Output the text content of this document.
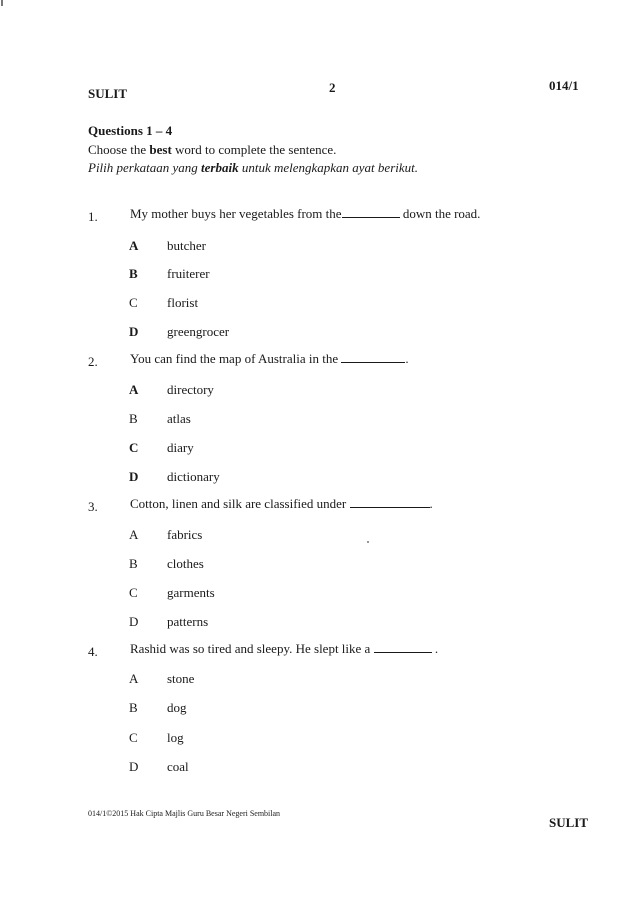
SULIT	2	014/1
Questions 1 – 4
Choose the best word to complete the sentence.
Pilih perkataan yang terbaik untuk melengkapkan ayat berikut.
1. My mother buys her vegetables from the	down the road.
A	butcher
B	fruiterer
C	florist
D	greengrocer
2. You can find the map of Australia in the	.
A	directory
B	atlas
C	diary
D	dictionary
3. Cotton, linen and silk are classified under	.
A	fabrics
B	clothes
C	garments
D	patterns
4. Rashid was so tired and sleepy. He slept like a	.
A	stone
B	dog
C	log
D	coal
014/1©2015 Hak Cipta Majlis Guru Besar Negeri Sembilan
SULIT
